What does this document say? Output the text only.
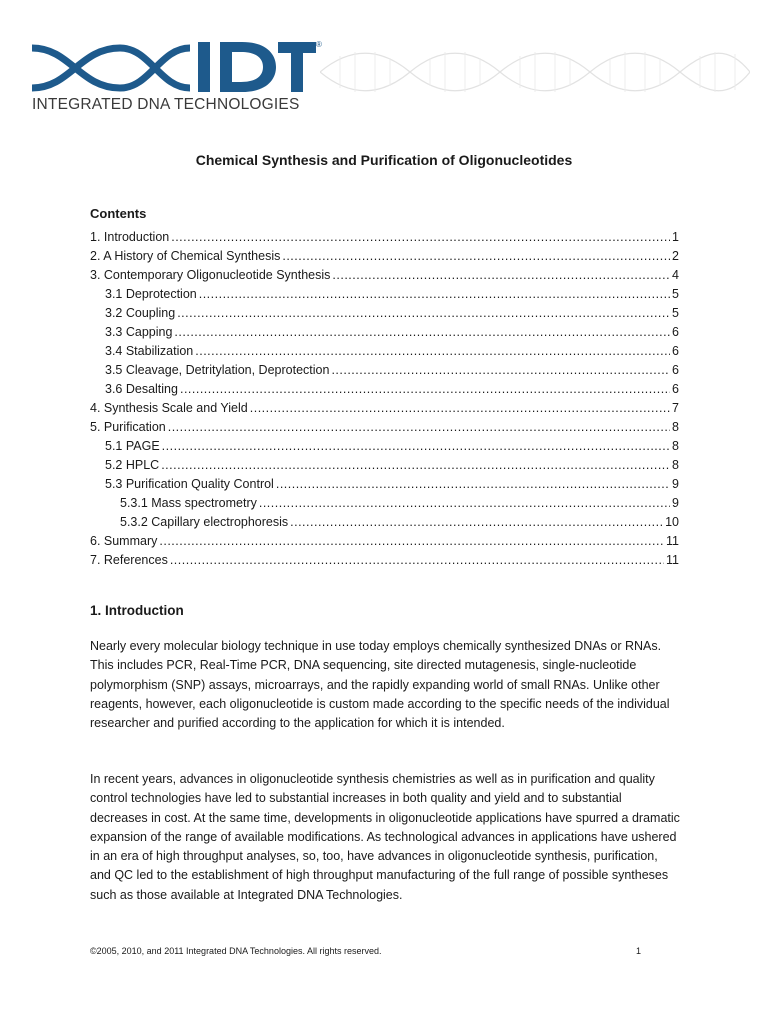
®
INTEGRATED DNA TECHNOLOGIES
Chemical Synthesis and Purification of Oligonucleotides
Contents
1. Introduction .....	1
2. A History of Chemical Synthesis .....	2
3. Contemporary Oligonucleotide Synthesis .....	4
3.1 Deprotection .....	5
3.2 Coupling .....	5
3.3 Capping .....	6
3.4 Stabilization .....	6
3.5 Cleavage, Detritylation, Deprotection .....	6
3.6 Desalting .....	6
4. Synthesis Scale and Yield .....	7
5. Purification .....	8
5.1 PAGE .....	8
5.2 HPLC .....	8
5.3 Purification Quality Control .....	9
5.3.1 Mass spectrometry .....	9
5.3.2 Capillary electrophoresis .....	10
6. Summary .....	11
7. References .....	11
1. Introduction

Nearly every molecular biology technique in use today employs chemically synthesized DNAs or RNAs. This includes PCR, Real-Time PCR, DNA sequencing, site directed mutagenesis, single-nucleotide polymorphism (SNP) assays, microarrays, and the rapidly expanding world of small RNAs. Unlike other reagents, however, each oligonucleotide is custom made according to the specific needs of the individual researcher and purified according to the application for which it is intended.

In recent years, advances in oligonucleotide synthesis chemistries as well as in purification and quality control technologies have led to substantial increases in both quality and yield and to substantial decreases in cost. At the same time, developments in oligonucleotide applications have spurred a dramatic expansion of the range of available modifications. As technological advances in applications have ushered in an era of high throughput analyses, so, too, have advances in oligonucleotide synthesis, purification, and QC led to the establishment of high throughput manufacturing of the full range of possible syntheses such as those available at Integrated DNA Technologies.

©2005, 2010, and 2011 Integrated DNA Technologies. All rights reserved.	1
